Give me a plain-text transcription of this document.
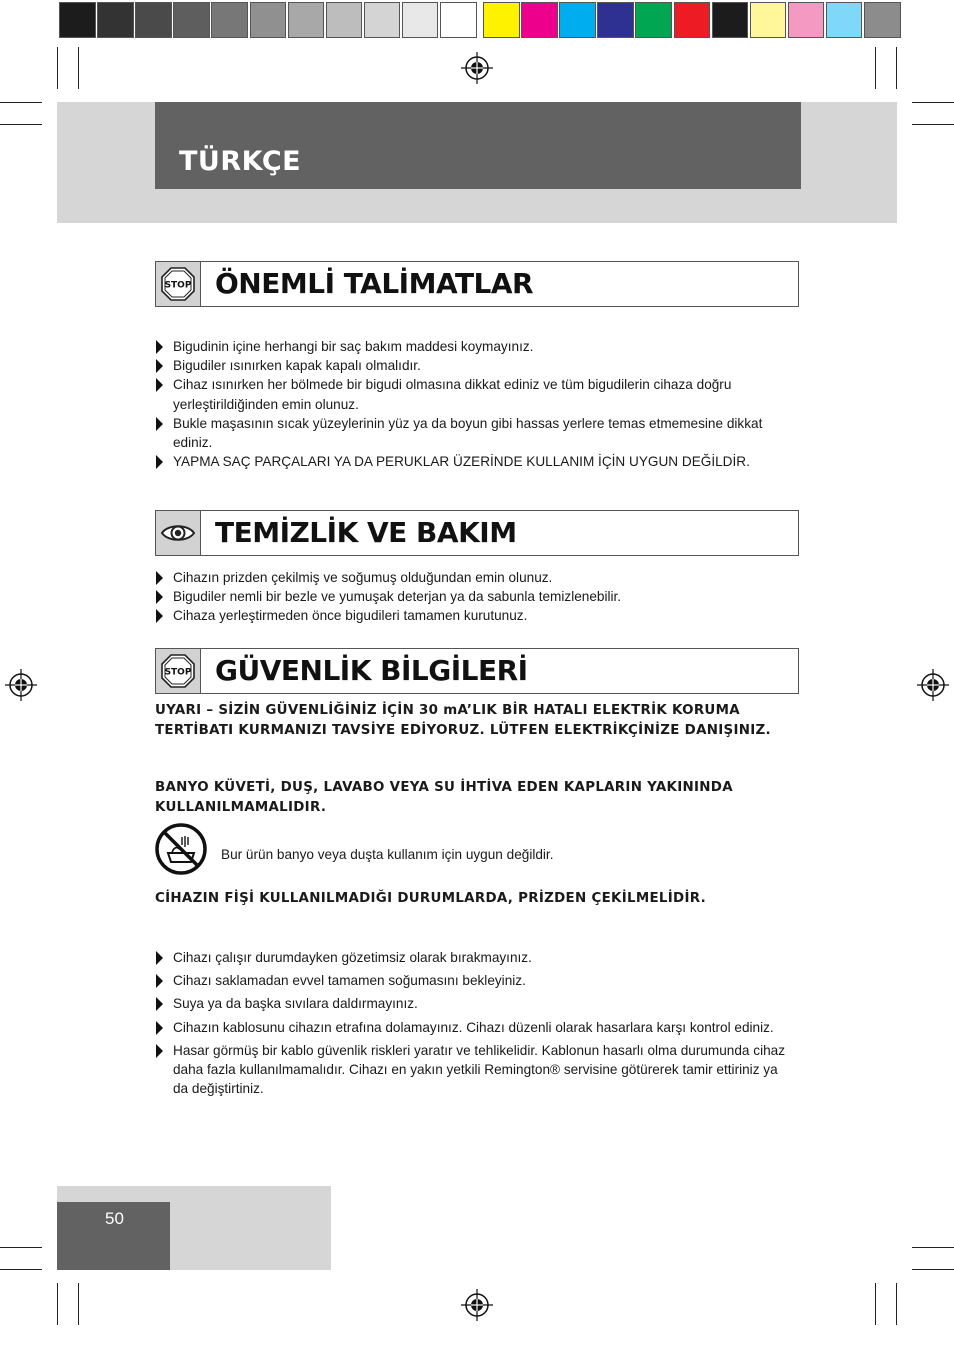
TÜRKÇE
STOP ÖNEMLİ TALİMATLAR
Bigudinin içine herhangi bir saç bakım maddesi koymayınız.
Bigudiler ısınırken kapak kapalı olmalıdır.
Cihaz ısınırken her bölmede bir bigudi olmasına dikkat ediniz ve tüm bigudilerin cihaza doğru yerleştirildiğinden emin olunuz.
Bukle maşasının sıcak yüzeylerinin yüz ya da boyun gibi hassas yerlere temas etmemesine dikkat ediniz.
YAPMA SAÇ PARÇALARI YA DA PERUKLAR ÜZERİNDE KULLANIM İÇİN UYGUN DEĞİLDİR.
TEMİZLİK VE BAKIM
Cihazın prizden çekilmiş ve soğumuş olduğundan emin olunuz.
Bigudiler nemli bir bezle ve yumuşak deterjan ya da sabunla temizlenebilir.
Cihaza yerleştirmeden önce bigudileri tamamen kurutunuz.
STOP GÜVENLİK BİLGİLERİ
UYARI – SİZİN GÜVENLİĞİNİZ İÇİN 30 mA’LIK BİR HATALI ELEKTRİK KORUMA TERTİBATI KURMANIZI TAVSİYE EDİYORUZ. LÜTFEN ELEKTRİKÇİNİZE DANIŞINIZ.
BANYO KÜVETİ, DUŞ, LAVABO VEYA SU İHTİVA EDEN KAPLARIN YAKININDA KULLANILMAMALIDIR.
Bur ürün banyo veya duşta kullanım için uygun değildir.
CİHAZIN FİŞİ KULLANILMADIĞI DURUMLARDA, PRİZDEN ÇEKİLMELİDİR.
Cihazı çalışır durumdayken gözetimsiz olarak bırakmayınız.
Cihazı saklamadan evvel tamamen soğumasını bekleyiniz.
Suya ya da başka sıvılara daldırmayınız.
Cihazın kablosunu cihazın etrafına dolamayınız. Cihazı düzenli olarak hasarlara karşı kontrol ediniz.
Hasar görmüş bir kablo güvenlik riskleri yaratır ve tehlikelidir. Kablonun hasarlı olma durumunda cihaz daha fazla kullanılmamalıdır. Cihazı en yakın yetkili Remington® servisine götürerek tamir ettiriniz ya da değiştirtiniz.
50
